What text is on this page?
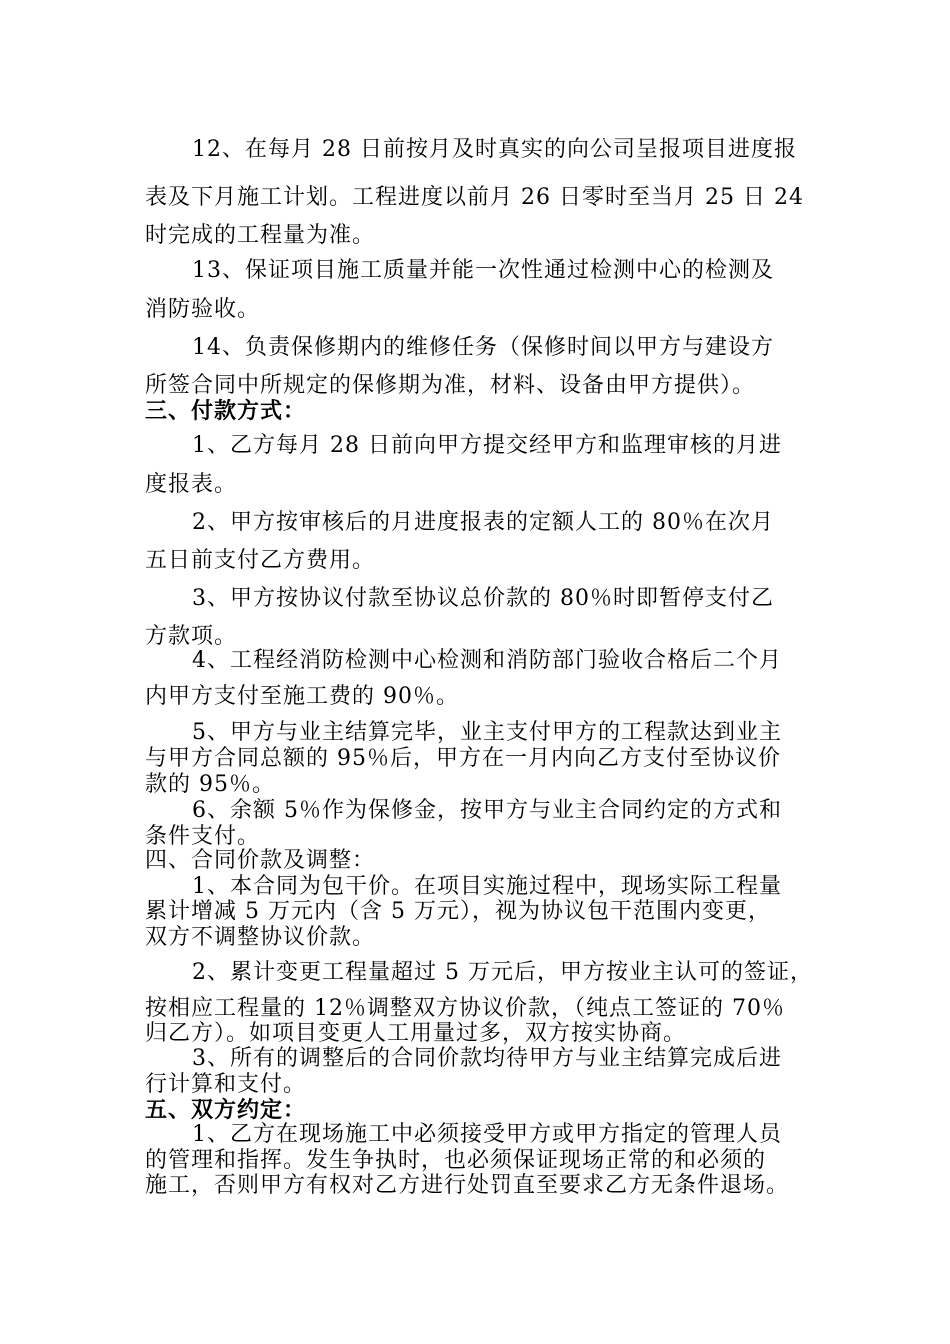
12、在每月 28 日前按月及时真实的向公司呈报项目进度报
表及下月施工计划。工程进度以前月 26 日零时至当月 25 日 24
时完成的工程量为准。
13、保证项目施工质量并能一次性通过检测中心的检测及
消防验收。
14、负责保修期内的维修任务（保修时间以甲方与建设方
所签合同中所规定的保修期为准，材料、设备由甲方提供）。
三、付款方式：
1、乙方每月 28 日前向甲方提交经甲方和监理审核的月进
度报表。
2、甲方按审核后的月进度报表的定额人工的 80％在次月
五日前支付乙方费用。
3、甲方按协议付款至协议总价款的 80％时即暂停支付乙
方款项。
4、工程经消防检测中心检测和消防部门验收合格后二个月
内甲方支付至施工费的 90％。
5、甲方与业主结算完毕，业主支付甲方的工程款达到业主
与甲方合同总额的 95％后，甲方在一月内向乙方支付至协议价
款的 95％。
6、余额 5％作为保修金，按甲方与业主合同约定的方式和
条件支付。
四、合同价款及调整：
1、本合同为包干价。在项目实施过程中，现场实际工程量
累计增减 5 万元内（含 5 万元），视为协议包干范围内变更，
双方不调整协议价款。
2、累计变更工程量超过 5 万元后，甲方按业主认可的签证，
按相应工程量的 12％调整双方协议价款，（纯点工签证的 70％
归乙方）。如项目变更人工用量过多，双方按实协商。
3、所有的调整后的合同价款均待甲方与业主结算完成后进
行计算和支付。
五、双方约定：
1、乙方在现场施工中必须接受甲方或甲方指定的管理人员
的管理和指挥。发生争执时，也必须保证现场正常的和必须的
施工，否则甲方有权对乙方进行处罚直至要求乙方无条件退场。
